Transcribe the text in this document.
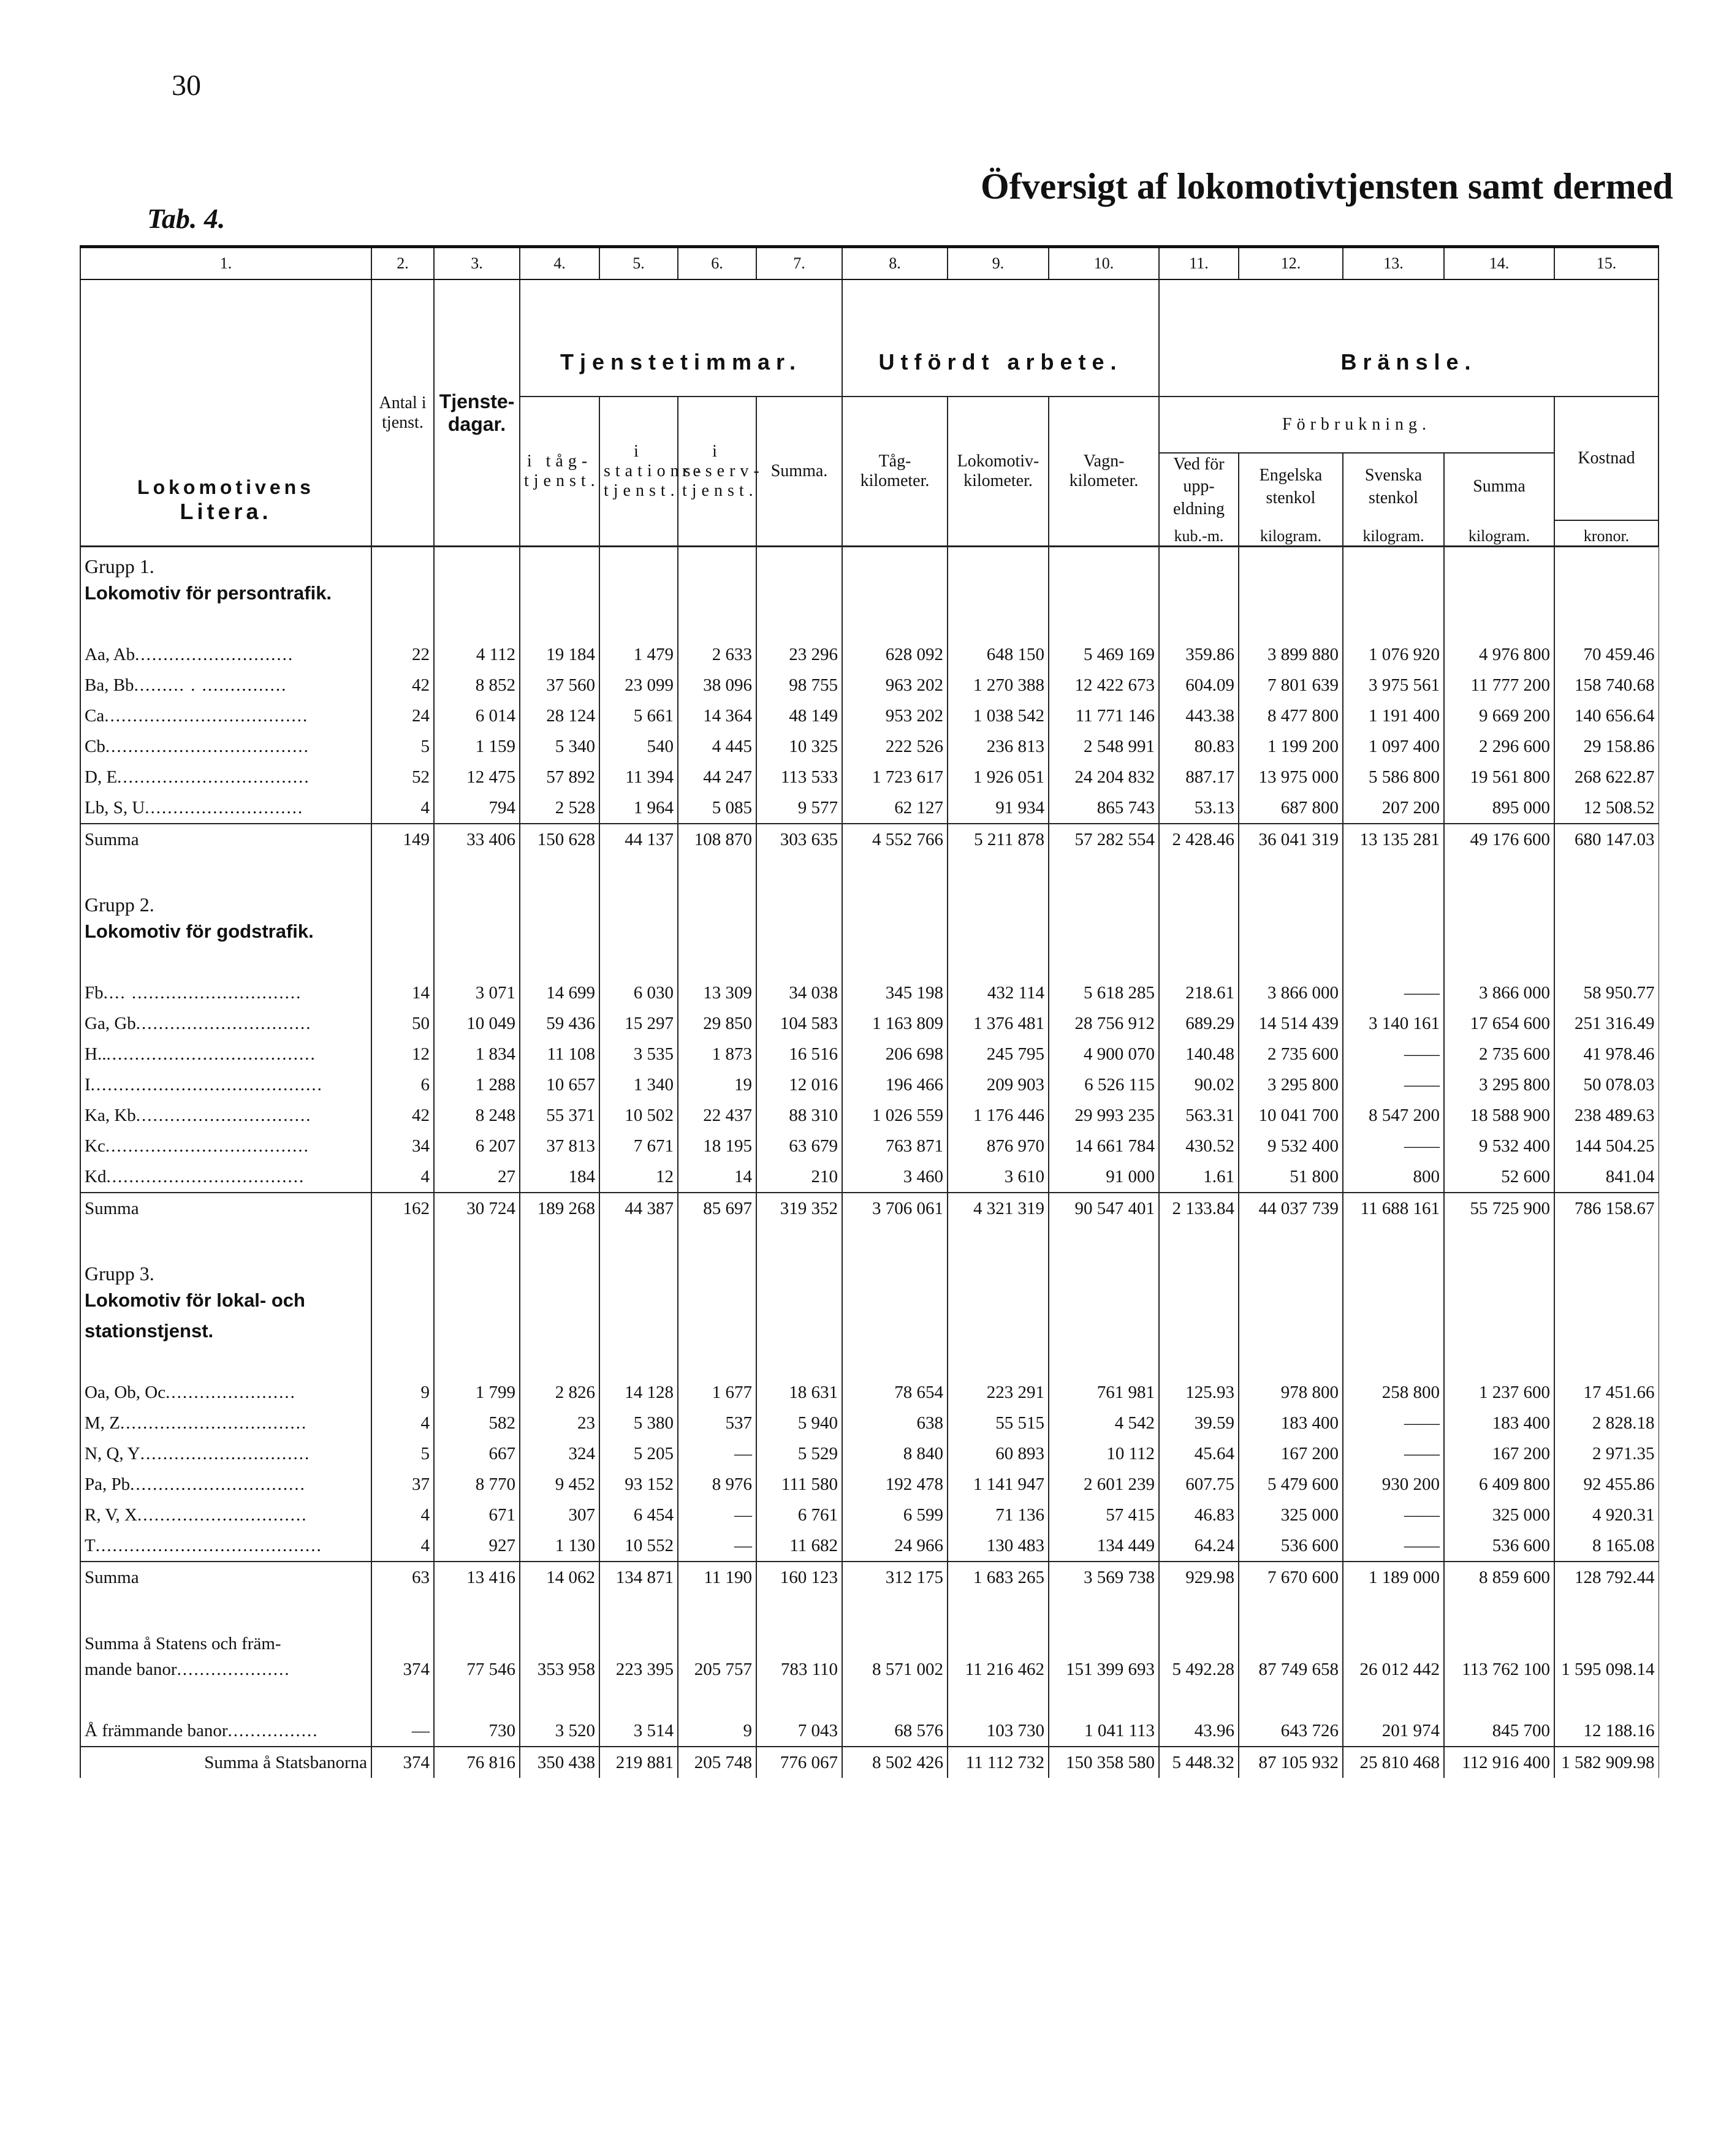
30
Tab. 4.
Öfversigt af lokomotivtjensten samt dermed
1.	2.	3.	4.	5.	6.	7.	8.	9.	10.	11.	12.	13.	14.	15.

Lokomotivens
Litera.	Antal i tjenst.	Tjenste-dagar.	Tjenstetimmar.				Utfördt arbete.			Bränsle.				
			i tåg-tjenst.	i stations-tjenst.	i reserv-tjenst.	Summa.	Tåg-kilometer.	Lokomotiv-kilometer.	Vagn-kilometer.	Förbrukning.				Kostnad
										Ved för upp-eldning	Engelska stenkol	Svenska stenkol	Summa	
										kub.-m.	kilogram.	kilogram.	kilogram.	kronor.
Grupp 1.														
Lokomotiv för persontrafik.														

Aa, Ab............................	22	4 112	19 184	1 479	2 633	23 296	628 092	648 150	5 469 169	359.86	3 899 880	1 076 920	4 976 800	70 459.46
Ba, Bb......... . ...............	42	8 852	37 560	23 099	38 096	98 755	963 202	1 270 388	12 422 673	604.09	7 801 639	3 975 561	11 777 200	158 740.68
Ca....................................	24	6 014	28 124	5 661	14 364	48 149	953 202	1 038 542	11 771 146	443.38	8 477 800	1 191 400	9 669 200	140 656.64
Cb....................................	5	1 159	5 340	540	4 445	10 325	222 526	236 813	2 548 991	80.83	1 199 200	1 097 400	2 296 600	29 158.86
D, E..................................	52	12 475	57 892	11 394	44 247	113 533	1 723 617	1 926 051	24 204 832	887.17	13 975 000	5 586 800	19 561 800	268 622.87
Lb, S, U............................	4	794	2 528	1 964	5 085	9 577	62 127	91 934	865 743	53.13	687 800	207 200	895 000	12 508.52
Summa	149	33 406	150 628	44 137	108 870	303 635	4 552 766	5 211 878	57 282 554	2 428.46	36 041 319	13 135 281	49 176 600	680 147.03

Grupp 2.														
Lokomotiv för godstrafik.														

Fb.... ..............................	14	3 071	14 699	6 030	13 309	34 038	345 198	432 114	5 618 285	218.61	3 866 000	——	3 866 000	58 950.77
Ga, Gb...............................	50	10 049	59 436	15 297	29 850	104 583	1 163 809	1 376 481	28 756 912	689.29	14 514 439	3 140 161	17 654 600	251 316.49
H.......................................	12	1 834	11 108	3 535	1 873	16 516	206 698	245 795	4 900 070	140.48	2 735 600	——	2 735 600	41 978.46
I.........................................	6	1 288	10 657	1 340	19	12 016	196 466	209 903	6 526 115	90.02	3 295 800	——	3 295 800	50 078.03
Ka, Kb...............................	42	8 248	55 371	10 502	22 437	88 310	1 026 559	1 176 446	29 993 235	563.31	10 041 700	8 547 200	18 588 900	238 489.63
Kc....................................	34	6 207	37 813	7 671	18 195	63 679	763 871	876 970	14 661 784	430.52	9 532 400	——	9 532 400	144 504.25
Kd...................................	4	27	184	12	14	210	3 460	3 610	91 000	1.61	51 800	800	52 600	841.04
Summa	162	30 724	189 268	44 387	85 697	319 352	3 706 061	4 321 319	90 547 401	2 133.84	44 037 739	11 688 161	55 725 900	786 158.67

Grupp 3.														
Lokomotiv för lokal- och														
stationstjenst.														

Oa, Ob, Oc.......................	9	1 799	2 826	14 128	1 677	18 631	78 654	223 291	761 981	125.93	978 800	258 800	1 237 600	17 451.66
M, Z.................................	4	582	23	5 380	537	5 940	638	55 515	4 542	39.59	183 400	——	183 400	2 828.18
N, Q, Y..............................	5	667	324	5 205	—	5 529	8 840	60 893	10 112	45.64	167 200	——	167 200	2 971.35
Pa, Pb...............................	37	8 770	9 452	93 152	8 976	111 580	192 478	1 141 947	2 601 239	607.75	5 479 600	930 200	6 409 800	92 455.86
R, V, X..............................	4	671	307	6 454	—	6 761	6 599	71 136	57 415	46.83	325 000	——	325 000	4 920.31
T........................................	4	927	1 130	10 552	—	11 682	24 966	130 483	134 449	64.24	536 600	——	536 600	8 165.08
Summa	63	13 416	14 062	134 871	11 190	160 123	312 175	1 683 265	3 569 738	929.98	7 670 600	1 189 000	8 859 600	128 792.44

Summa å Statens och främ-														
mande banor....................	374	77 546	353 958	223 395	205 757	783 110	8 571 002	11 216 462	151 399 693	5 492.28	87 749 658	26 012 442	113 762 100	1 595 098.14

Å främmande banor................	—	730	3 520	3 514	9	7 043	68 576	103 730	1 041 113	43.96	643 726	201 974	845 700	12 188.16
Summa å Statsbanorna	374	76 816	350 438	219 881	205 748	776 067	8 502 426	11 112 732	150 358 580	5 448.32	87 105 932	25 810 468	112 916 400	1 582 909.98
